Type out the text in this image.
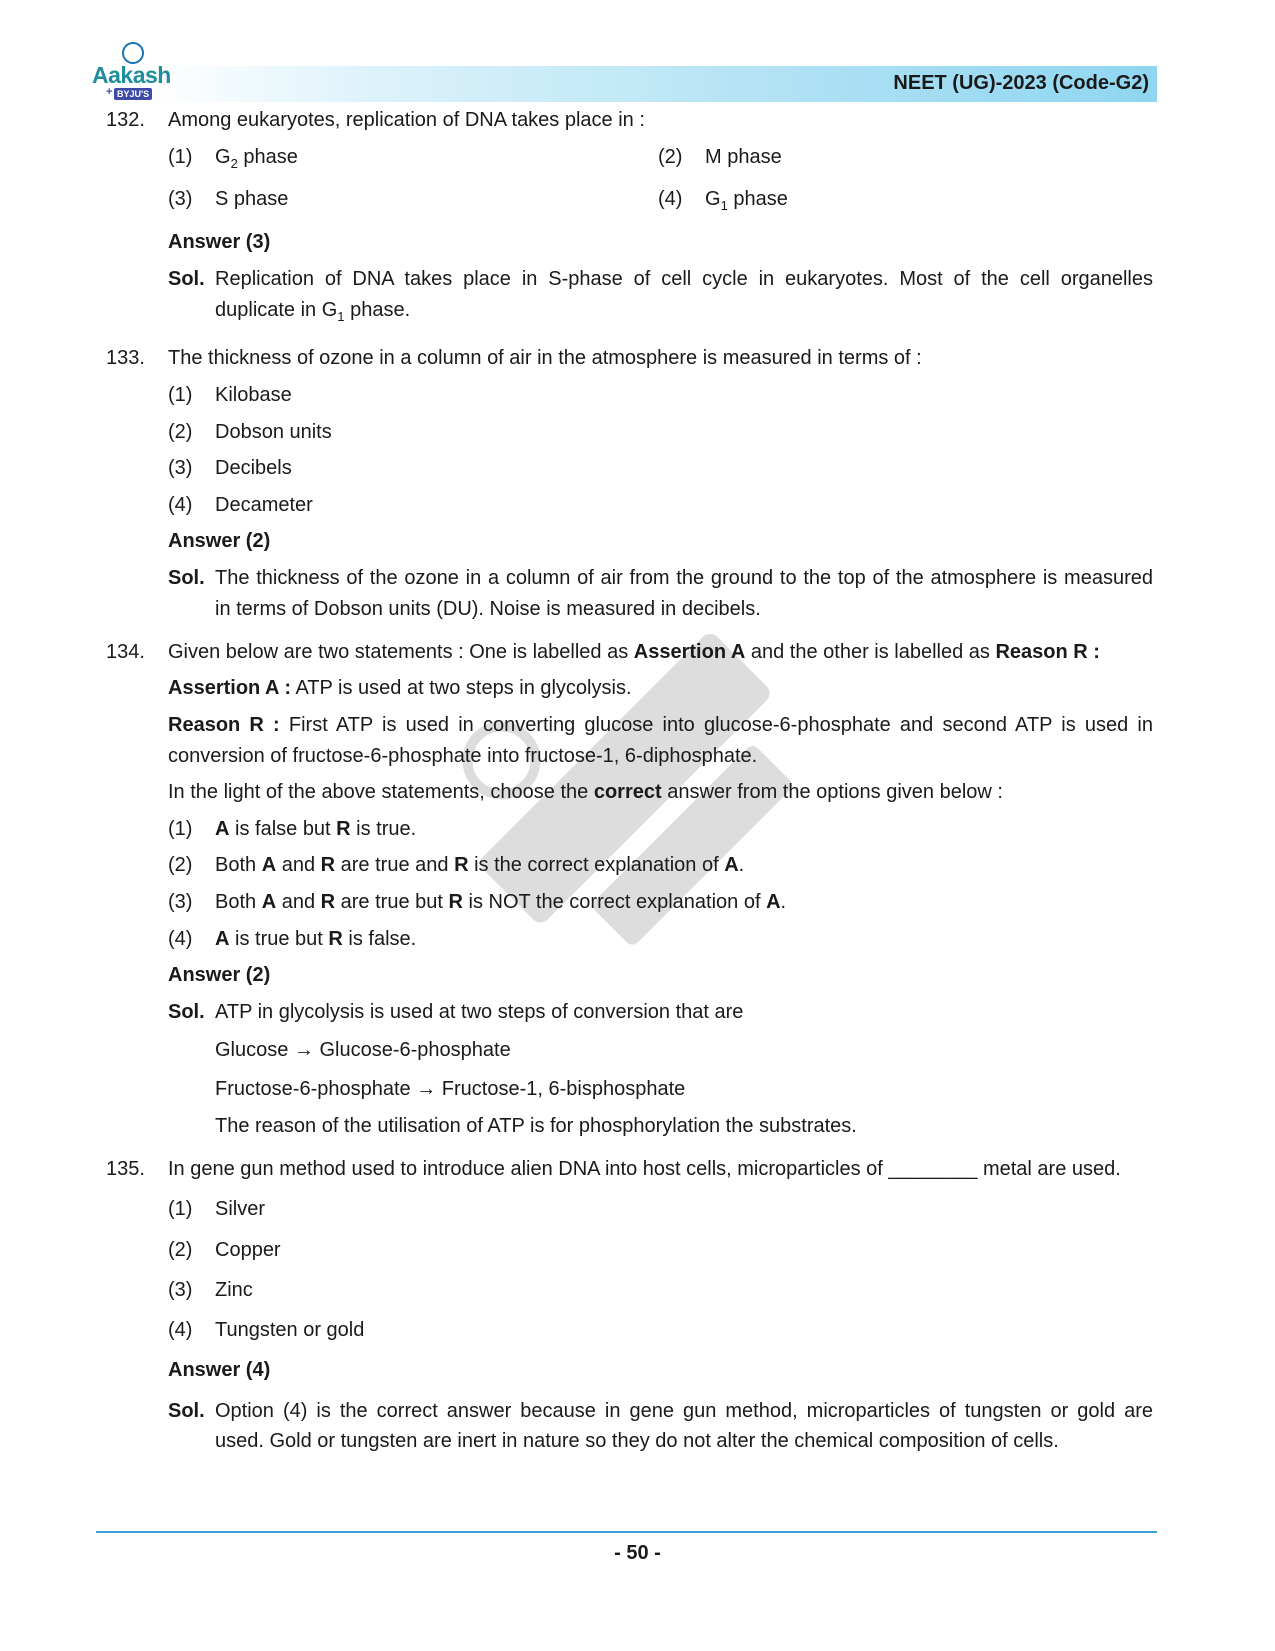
Aakash
+ BYJU'S	NEET (UG)-2023 (Code-G2)
132. Among eukaryotes, replication of DNA takes place in :
(1) $G_2$ phase	(2) M phase
(3) S phase	(4) $G_1$ phase
Answer (3)
Sol. Replication of DNA takes place in S-phase of cell cycle in eukaryotes. Most of the cell organelles
duplicate in $G_1$ phase.
133. The thickness of ozone in a column of air in the atmosphere is measured in terms of :
(1) Kilobase
(2) Dobson units
(3) Decibels
(4) Decameter
Answer (2)
Sol. The thickness of the ozone in a column of air from the ground to the top of the atmosphere is measured
in terms of Dobson units (DU). Noise is measured in decibels.
134. Given below are two statements : One is labelled as Assertion A and the other is labelled as Reason R :
Assertion A : ATP is used at two steps in glycolysis.
Reason R : First ATP is used in converting glucose into glucose-6-phosphate and second ATP is used in
conversion of fructose-6-phosphate into fructose-1, 6-diphosphate.
In the light of the above statements, choose the correct answer from the options given below :
(1) A is false but R is true.
(2) Both A and R are true and R is the correct explanation of A.
(3) Both A and R are true but R is NOT the correct explanation of A.
(4) A is true but R is false.
Answer (2)
Sol. ATP in glycolysis is used at two steps of conversion that are
Glucose → Glucose-6-phosphate
Fructose-6-phosphate → Fructose-1, 6-bisphosphate
The reason of the utilisation of ATP is for phosphorylation the substrates.
135. In gene gun method used to introduce alien DNA into host cells, microparticles of ________ metal are used.
(1) Silver
(2) Copper
(3) Zinc
(4) Tungsten or gold
Answer (4)
Sol. Option (4) is the correct answer because in gene gun method, microparticles of tungsten or gold are
used. Gold or tungsten are inert in nature so they do not alter the chemical composition of cells.
- 50 -
